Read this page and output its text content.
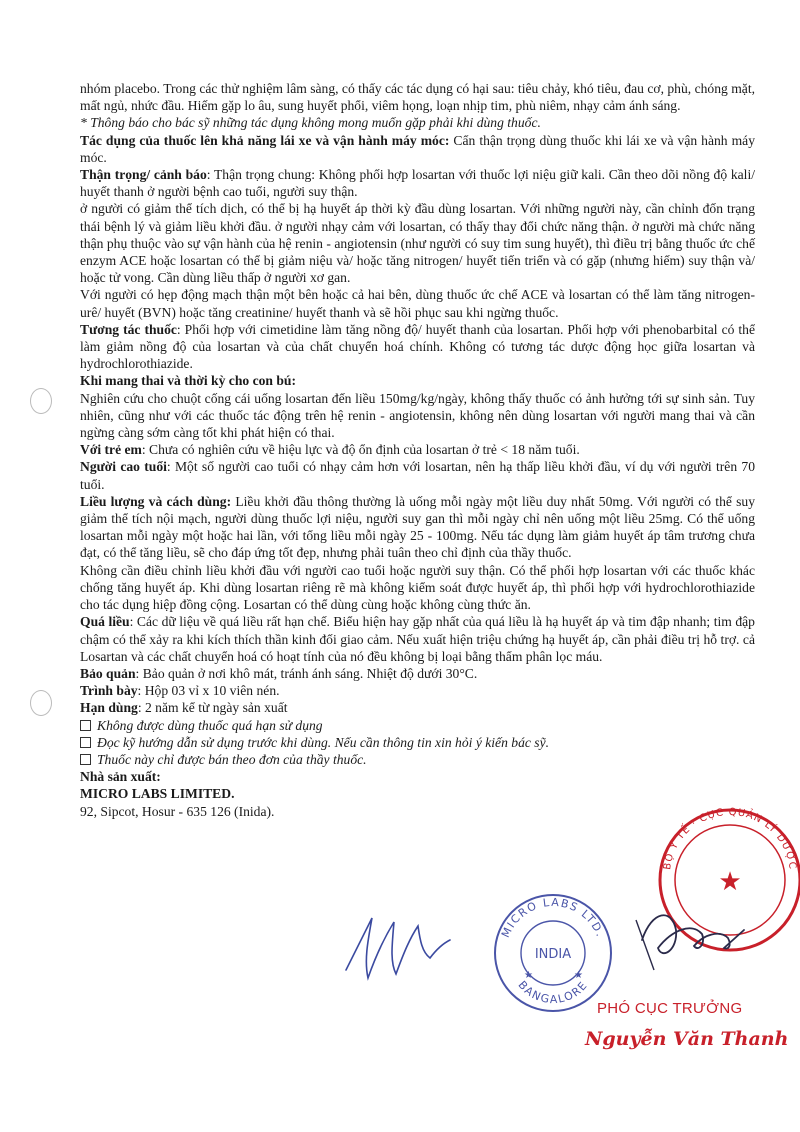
nhóm placebo. Trong các thử nghiệm lâm sàng, có thấy các tác dụng có hại sau: tiêu chảy, khó tiêu, đau cơ, phù, chóng mặt, mất ngủ, nhức đầu. Hiếm gặp lo âu, sung huyết phổi, viêm họng, loạn nhịp tim, phù niêm, nhạy cảm ánh sáng.

* Thông báo cho bác sỹ những tác dụng không mong muốn gặp phải khi dùng thuốc.

Tác dụng của thuốc lên khả năng lái xe và vận hành máy móc: Cẩn thận trọng dùng thuốc khi lái xe và vận hành máy móc.

Thận trọng/ cảnh báo: Thận trọng chung: Không phối hợp losartan với thuốc lợi niệu giữ kali. Cần theo dõi nồng độ kali/ huyết thanh ở người bệnh cao tuổi, người suy thận.

ở người có giảm thể tích dịch, có thể bị hạ huyết áp thời kỳ đầu dùng losartan. Với những người này, cần chỉnh đốn trạng thái bệnh lý và giảm liều khởi đầu. ở người nhạy cảm với losartan, có thấy thay đổi chức năng thận. ở người mà chức năng thận phụ thuộc vào sự vận hành của hệ renin - angiotensin (như người có suy tim sung huyết), thì điều trị bằng thuốc ức chế enzym ACE hoặc losartan có thể bị giảm niệu và/ hoặc tăng nitrogen/ huyết tiến triển và có gặp (nhưng hiếm) suy thận và/ hoặc tử vong. Cần dùng liều thấp ở người xơ gan.

Với người có hẹp động mạch thận một bên hoặc cả hai bên, dùng thuốc ức chế ACE và losartan có thể làm tăng nitrogen-urê/ huyết (BVN) hoặc tăng creatinine/ huyết thanh và sẽ hồi phục sau khi ngừng thuốc.

Tương tác thuốc: Phối hợp với cimetidine làm tăng nồng độ/ huyết thanh của losartan. Phối hợp với phenobarbital có thể làm giảm nồng độ của losartan và của chất chuyển hoá chính. Không có tương tác dược động học giữa losartan và hydrochlorothiazide.

Khi mang thai và thời kỳ cho con bú:

Nghiên cứu cho chuột cống cái uống losartan đến liều 150mg/kg/ngày, không thấy thuốc có ảnh hưởng tới sự sinh sản. Tuy nhiên, cũng như với các thuốc tác động trên hệ renin - angiotensin, không nên dùng losartan với người mang thai và cần ngừng càng sớm càng tốt khi phát hiện có thai.

Với trẻ em: Chưa có nghiên cứu về hiệu lực và độ ổn định của losartan ở trẻ < 18 năm tuổi.

Người cao tuổi: Một số người cao tuổi có nhạy cảm hơn với losartan, nên hạ thấp liều khởi đầu, ví dụ với người trên 70 tuổi.

Liều lượng và cách dùng: Liều khởi đầu thông thường là uống mỗi ngày một liều duy nhất 50mg. Với người có thể suy giảm thể tích nội mạch, người dùng thuốc lợi niệu, người suy gan thì mỗi ngày chỉ nên uống một liều 25mg. Có thể uống losartan mỗi ngày một hoặc hai lần, với tổng liều mỗi ngày 25 - 100mg. Nếu tác dụng làm giảm huyết áp tâm trương chưa đạt, có thể tăng liều, sẽ cho đáp ứng tốt đẹp, nhưng phải tuân theo chỉ định của thầy thuốc.

Không cần điều chỉnh liều khởi đầu với người cao tuổi hoặc người suy thận. Có thể phối hợp losartan với các thuốc khác chống tăng huyết áp. Khi dùng losartan riêng rẽ mà không kiểm soát được huyết áp, thì phối hợp với hydrochlorothiazide cho tác dụng hiệp đồng cộng. Losartan có thể dùng cùng hoặc không cùng thức ăn.

Quá liều: Các dữ liệu về quá liều rất hạn chế. Biểu hiện hay gặp nhất của quá liều là hạ huyết áp và tim đập nhanh; tim đập chậm có thể xảy ra khi kích thích thần kinh đối giao cảm. Nếu xuất hiện triệu chứng hạ huyết áp, cần phải điều trị hỗ trợ. cả Losartan và các chất chuyển hoá có hoạt tính của nó đều không bị loại bằng thẩm phân lọc máu.

Bảo quản: Bảo quản ở nơi khô mát, tránh ánh sáng. Nhiệt độ dưới 30°C.

Trình bày: Hộp 03 vỉ x 10 viên nén.

Hạn dùng: 2 năm kể từ ngày sản xuất

Không được dùng thuốc quá hạn sử dụng

Đọc kỹ hướng dẫn sử dụng trước khi dùng. Nếu cần thông tin xin hỏi ý kiến bác sỹ.

Thuốc này chỉ được bán theo đơn của thầy thuốc.

Nhà sản xuất:

MICRO LABS LIMITED.

92, Sipcot, Hosur - 635 126 (Inida).

MICRO LABS LTD.
BANGALORE
INDIA
★	★
BỘ Y TẾ · CỤC QUẢN LÝ DƯỢC
★
PHÓ CỤC TRƯỞNG
Nguyễn Văn Thanh
